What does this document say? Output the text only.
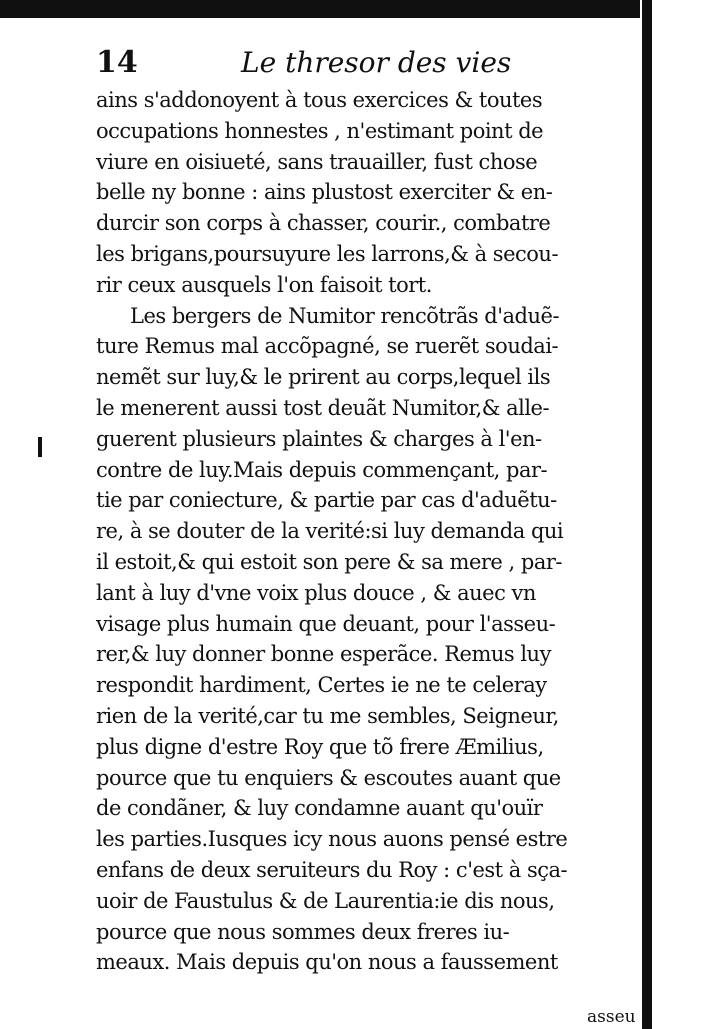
14	Le thresor des vies
ains s'addonoyent à tous exercices & toutes
occupations honnestes , n'estimant point de
viure en oisiueté, sans trauailler, fust chose
belle ny bonne : ains plustost exerciter & en-
durcir son corps à chasser, courir., combatre
les brigans,poursuyure les larrons,& à secou-
rir ceux ausquels l'on faisoit tort.
Les bergers de Numitor rencõtrãs d'aduẽ-
ture Remus mal accõpagné, se ruerẽt soudai-
nemẽt sur luy,& le prirent au corps,lequel ils
le menerent aussi tost deuãt Numitor,& alle-
guerent plusieurs plaintes & charges à l'en-
contre de luy.Mais depuis commençant, par-
tie par coniecture, & partie par cas d'aduẽtu-
re, à se douter de la verité:si luy demanda qui
il estoit,& qui estoit son pere & sa mere , par-
lant à luy d'vne voix plus douce , & auec vn
visage plus humain que deuant, pour l'asseu-
rer,& luy donner bonne esperãce. Remus luy
respondit hardiment, Certes ie ne te celeray
rien de la verité,car tu me sembles, Seigneur,
plus digne d'estre Roy que tõ frere Æmilius,
pource que tu enquiers & escoutes auant que
de condãner, & luy condamne auant qu'ouïr
les parties.Iusques icy nous auons pensé estre
enfans de deux seruiteurs du Roy : c'est à sça-
uoir de Faustulus & de Laurentia:ie dis nous,
pource que nous sommes deux freres iu-
meaux. Mais depuis qu'on nous a faussement
asseu
